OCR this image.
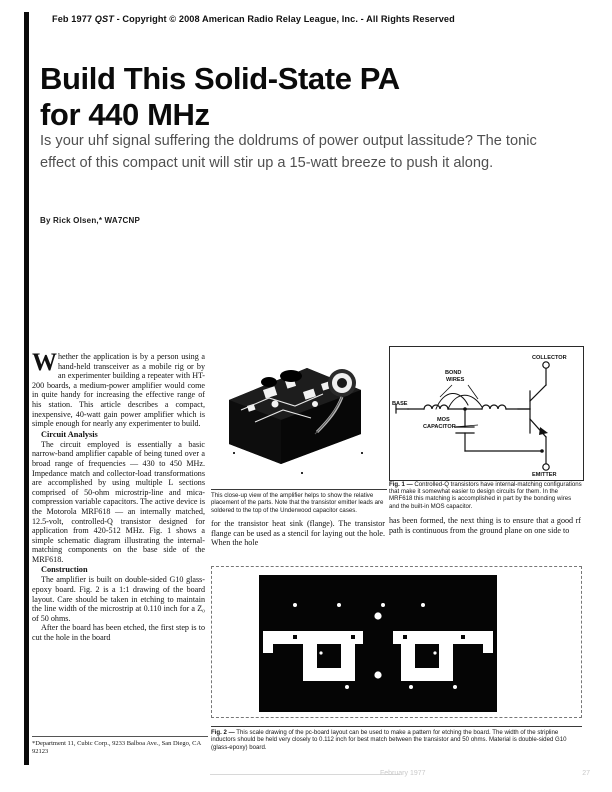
Feb 1977 QST - Copyright © 2008 American Radio Relay League, Inc. - All Rights Reserved
Build This Solid-State PA
for 440 MHz
Is your uhf signal suffering the doldrums of power output lassitude? The tonic effect of this compact unit will stir up a 15-watt breeze to push it along.
By Rick Olsen,* WA7CNP

Whether the application is by a person using a hand-held transceiver as a mobile rig or by an experimenter building a repeater with HT-200 boards, a medium-power amplifier would come in quite handy for increasing the effective range of his station. This article describes a compact, inexpensive, 40-watt gain power amplifier which is simple enough for nearly any experimenter to build.

Circuit Analysis

The circuit employed is essentially a basic narrow-band amplifier capable of being tuned over a broad range of frequencies — 430 to 450 MHz. Impedance match and collector-load transformations are accomplished by using multiple L sections comprised of 50-ohm microstrip-line and mica-compression variable capacitors. The active device is the Motorola MRF618 — an internally matched, 12.5-volt, controlled-Q transistor designed for application from 420-512 MHz. Fig. 1 shows a simple schematic diagram illustrating the internal-matching components on the base side of the MRF618.

Construction

The amplifier is built on double-sided G10 glass-epoxy board. Fig. 2 is a 1:1 drawing of the board layout. Care should be taken in etching to maintain the line width of the microstrip at 0.110 inch for a Z₀ of 50 ohms.

After the board has been etched, the first step is to cut the hole in the board

*Department 11, Cubic Corp., 9233 Balboa Ave., San Diego, CA 92123
This close-up view of the amplifier helps to show the relative placement of the parts. Note that the transistor emitter leads are soldered to the top of the Underwood capacitor cases.
BASE
BOND
WIRES
MOS
CAPACITOR
COLLECTOR
EMITTER
Fig. 1 — Controlled-Q transistors have internal-matching configurations that make it somewhat easier to design circuits for them. In the MRF618 this matching is accomplished in part by the bonding wires and the built-in MOS capacitor.

for the transistor heat sink (flange). The transistor flange can be used as a stencil for laying out the hole. When the hole

has been formed, the next thing is to ensure that a good rf path is continuous from the ground plane on one side to

Fig. 2 — This scale drawing of the pc-board layout can be used to make a pattern for etching the board. The width of the stripline inductors should be held very closely to 0.112 inch for best match between the transistor and 50 ohms. Material is double-sided G10 (glass-epoxy) board.
February 1977	27
